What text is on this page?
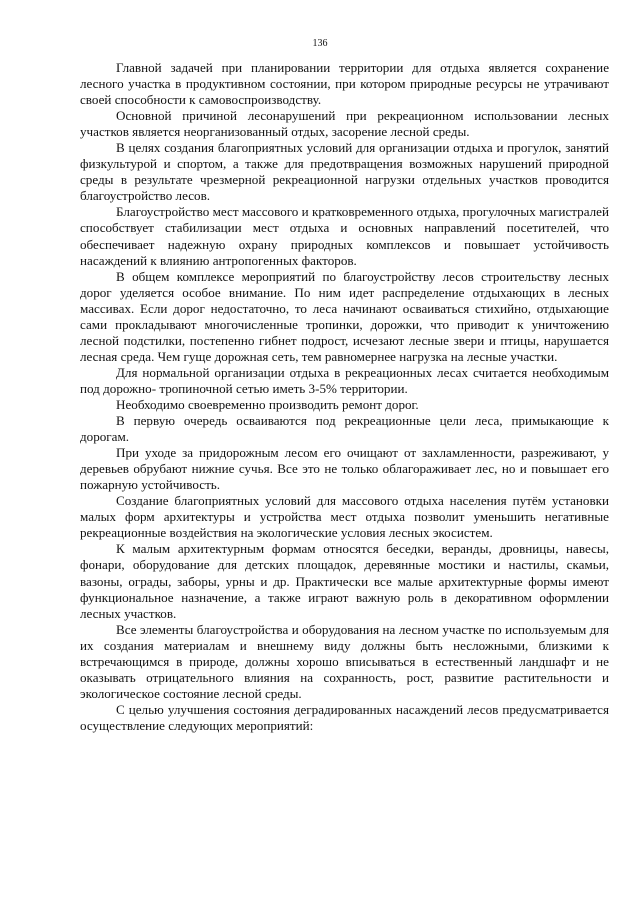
136

Главной задачей при планировании территории для отдыха является сохранение лесного участка в продуктивном состоянии, при котором природные ресурсы не утрачивают своей способности к самовоспроизводству.

Основной причиной лесонарушений при рекреационном использовании лесных участков является неорганизованный отдых, засорение лесной среды.

В целях создания благоприятных условий для организации отдыха и прогулок, занятий физкультурой и спортом, а также для предотвращения возможных нарушений природной среды в результате чрезмерной рекреационной нагрузки отдельных участков проводится благоустройство лесов.

Благоустройство мест массового и кратковременного отдыха, прогулочных магистралей способствует стабилизации мест отдыха и основных направлений посетителей, что обеспечивает надежную охрану природных комплексов и повышает устойчивость насаждений к влиянию антропогенных факторов.

В общем комплексе мероприятий по благоустройству лесов строительству лесных дорог уделяется особое внимание. По ним идет распределение отдыхающих в лесных массивах. Если дорог недостаточно, то леса начинают осваиваться стихийно, отдыхающие сами прокладывают многочисленные тропинки, дорожки, что приводит к уничтожению лесной подстилки, постепенно гибнет подрост, исчезают лесные звери и птицы, нарушается лесная среда. Чем гуще дорожная сеть, тем равномернее нагрузка на лесные участки.

Для нормальной организации отдыха в рекреационных лесах считается необходимым под дорожно- тропиночной сетью иметь 3-5% территории.

Необходимо своевременно производить ремонт дорог.

В первую очередь осваиваются под рекреационные цели леса, примыкающие к дорогам.

При уходе за придорожным лесом его очищают от захламленности, разреживают, у деревьев обрубают нижние сучья. Все это не только облагораживает лес, но и повышает его пожарную устойчивость.

Создание благоприятных условий для массового отдыха населения путём установки малых форм архитектуры и устройства мест отдыха позволит уменьшить негативные рекреационные воздействия на экологические условия лесных экосистем.

К малым архитектурным формам относятся беседки, веранды, дровницы, навесы, фонари, оборудование для детских площадок, деревянные мостики и настилы, скамьи, вазоны, ограды, заборы, урны и др. Практически все малые архитектурные формы имеют функциональное назначение, а также играют важную роль в декоративном оформлении лесных участков.

Все элементы благоустройства и оборудования на лесном участке по используемым для их создания материалам и внешнему виду должны быть несложными, близкими к встречающимся в природе, должны хорошо вписываться в естественный ландшафт и не оказывать отрицательного влияния на сохранность, рост, развитие растительности и экологическое состояние лесной среды.

С целью улучшения состояния деградированных насаждений лесов предусматривается осуществление следующих мероприятий:
